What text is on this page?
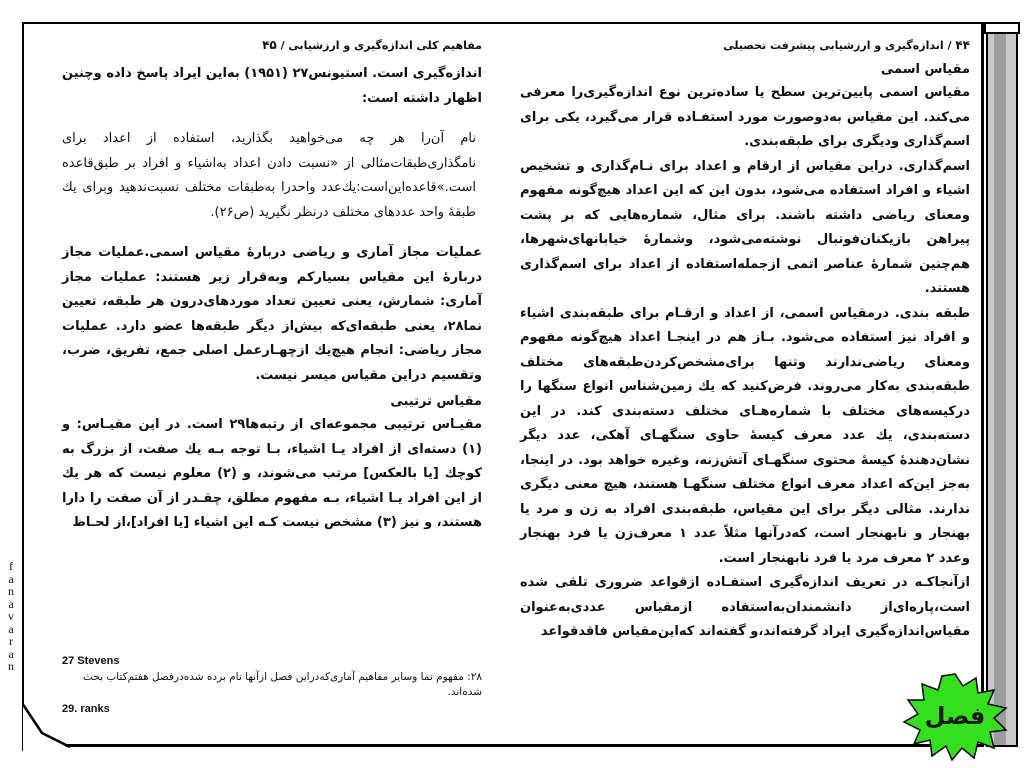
f
a
n
a
v
a
r
a
n
مفاهیم کلی اندازه‌گیری و ارزشیابی / ۴۵

اندازه‌گیری است. استیونس۲۷ (۱۹۵۱) به‌این ایراد پاسخ داده وچنین اظهار داشته است:

نام آن‌را هر چه می‌خواهید بگذارید، استفاده از اعداد برای نامگذاری‌طبقات‌مثالی از «نسبت دادن اعداد به‌اشیاء و افراد بر طبق‌قاعده است.»قاعده‌این‌است:یك‌عدد واحدرا به‌طبقات مختلف نسبت‌ندهید وبرای یك طبقهٔ واحد عددهای مختلف درنظر نگیرید (ص۲۶).

عملیات مجاز آماری و ریاضی دربارهٔ مقیاس اسمی.عملیات مجاز دربارهٔ این مقیاس بسیارکم وبه‌قرار زیر هستند: عملیات مجاز آماری: شمارش، یعنی تعیین تعداد موردهای‌درون هر طبقه، تعیین نما۲۸، یعنی طبقه‌ای‌که بیش‌از دیگر طبقه‌ها عضو دارد. عملیات مجاز ریاضی: انجام هیچ‌یك ازچهـارعمل اصلی جمع، تفریق، ضرب، وتقسیم دراین مقیاس میسر نیست.

مقیاس ترتیبی

مقیـاس ترتیبی مجموعه‌ای از رتبه‌ها۲۹ است. در این مقیـاس: و (۱) دسته‌ای از افراد یـا اشیاء، بـا توجه بـه یك صفت، از بزرگ به کوچك [یا بالعکس] مرتب می‌شوند، و (۲) معلوم نیست که هر یك از این افراد یـا اشیاء، بـه مفهوم مطلق، چقـدر از آن صفت را دارا هستند، و نیز (۳) مشخص نیست کـه این اشیاء [یا افراد]،از لحـاظ

27 Stevens
۲۸: مفهوم نما وسایر مفاهیم آماری‌که‌دراین فصل ازآنها نام برده شده‌درفصل هفتم‌کتاب بحث شده‌اند.
29. ranks
۴۴ / اندازه‌گیری و ارزشیابی پیشرفت تحصیلی
مقیاس اسمی

مقیاس اسمی پایین‌ترین سطح یا ساده‌ترین نوع اندازه‌گیری‌را معرفی می‌کند. این مقیاس به‌دوصورت مورد استفـاده قرار می‌گیرد، یکی برای اسم‌گذاری ودیگری برای طبقه‌بندی.

اسم‌گذاری. دراین مقیاس از ارقام و اعداد برای نـام‌گذاری و تشخیص اشیاء و افراد استفاده می‌شود، بدون این که این اعداد هیچ‌گونه مفهوم ومعنای ریاضی داشته باشند. برای مثال، شماره‌هایی که بر پشت پیراهن بازیکنان‌فوتبال نوشته‌می‌شود، وشمارهٔ خیابانهای‌شهرها، هم‌چنین شمارهٔ عناصر اتمی از‌جمله‌استفاده از اعداد برای اسم‌گذاری هستند.

طبقه بندی. درمقیاس اسمی، از اعداد و ارقـام برای طبقه‌بندی اشیاء و افراد نیز استفاده می‌شود. بـاز هم در اینجـا اعداد هیچ‌گونه مفهوم ومعنای ریاضی‌ندارند وتنها برای‌مشخص‌کردن‌طبقه‌های مختلف طبقه‌بندی به‌کار می‌روند. فرض‌کنید که یك زمین‌شناس انواع سنگها را درکیسه‌های مختلف با شماره‌هـای مختلف دسته‌بندی کند. در این دسته‌بندی، یك عدد معرف کیسهٔ حاوی سنگهـای آهکی، عدد دیگر نشان‌دهندهٔ کیسهٔ محتوی سنگهـای آتش‌زنه، وغیره خواهد بود. در اینجا، به‌جز این‌که اعداد معرف انواع مختلف سنگهـا هستند، هیچ معنی دیگری ندارند. مثالی دیگر برای این مقیاس، طبقه‌بندی افراد به زن و مرد یا بهنجار و نابهنجار است، که‌درآنها مثلاً عدد ۱ معرف‌زن یا فرد بهنجار وعدد ۲ معرف مرد یا فرد نابهنجار است.

ازآنجاکـه در تعریف اندازه‌گیری استفـاده ازقواعد ضروری تلقی شده است،پاره‌ای‌از دانشمندان‌به‌استفاده ازمقیاس عددی‌به‌عنوان مقیاس‌اندازه‌گیری ایراد گرفته‌اند،و گفته‌اند که‌این‌مقیاس فاقدقواعد

فصل
